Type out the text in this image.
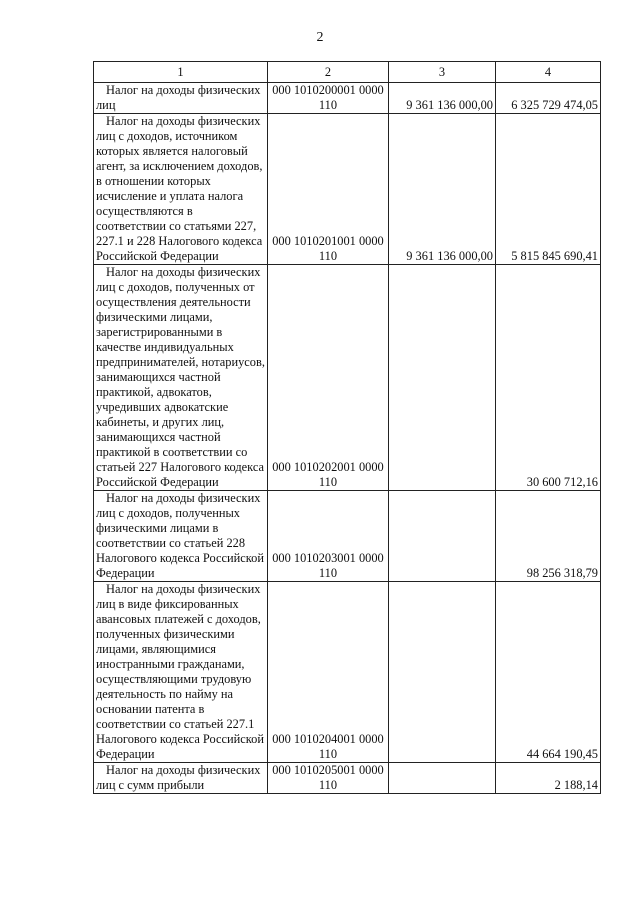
2
1	2	3	4
Налог на доходы физических лиц	000 1010200001 0000 110	9 361 136 000,00	6 325 729 474,05
Налог на доходы физических лиц с доходов, источником которых является налоговый агент, за исключением доходов, в отношении которых исчисление и уплата налога осуществляются в соответствии со статьями 227, 227.1 и 228 Налогового кодекса Российской Федерации	000 1010201001 0000 110	9 361 136 000,00	5 815 845 690,41
Налог на доходы физических лиц с доходов, полученных от осуществления деятельности физическими лицами, зарегистрированными в качестве индивидуальных предпринимателей, нотариусов, занимающихся частной практикой, адвокатов, учредивших адвокатские кабинеты, и других лиц, занимающихся частной практикой в соответствии со статьей 227 Налогового кодекса Российской Федерации	000 1010202001 0000 110		30 600 712,16
Налог на доходы физических лиц с доходов, полученных физическими лицами в соответствии со статьей 228 Налогового кодекса Российской Федерации	000 1010203001 0000 110		98 256 318,79
Налог на доходы физических лиц в виде фиксированных авансовых платежей с доходов, полученных физическими лицами, являющимися иностранными гражданами, осуществляющими трудовую деятельность по найму на основании патента в соответствии со статьей 227.1 Налогового кодекса Российской Федерации	000 1010204001 0000 110		44 664 190,45
Налог на доходы физических лиц с сумм прибыли	000 1010205001 0000 110		2 188,14
